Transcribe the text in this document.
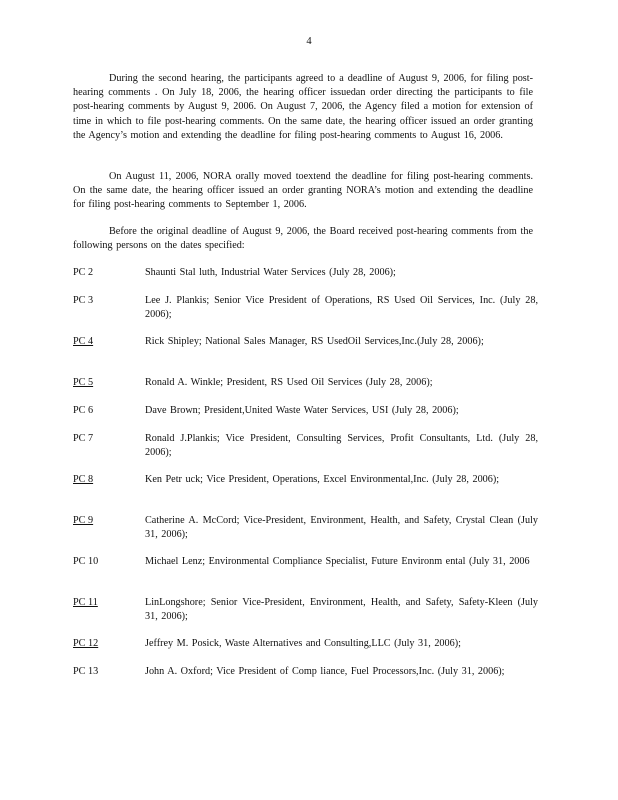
4

During the second hearing, the participants agreed to a deadline of August 9, 2006, for filing post-hearing comments . On July 18, 2006, the hearing officer issuedan order directing the participants to file post-hearing comments by August 9, 2006. On August 7, 2006, the Agency filed a motion for extension of time in which to file post-hearing comments. On the same date, the hearing officer issued an order granting the Agency’s motion and extending the deadline for filing post-hearing comments to August 16, 2006.

On August 11, 2006, NORA orally moved toextend the deadline for filing post-hearing comments. On the same date, the hearing officer issued an order granting NORA’s motion and extending the deadline for filing post-hearing comments to September 1, 2006.

Before the original deadline of August 9, 2006, the Board received post-hearing comments from the following persons on the dates specified:

PC 2	Shaunti Stal luth, Industrial Water Services (July 28, 2006);
PC 3	Lee J. Plankis; Senior Vice President of Operations, RS Used Oil Services, Inc. (July 28, 2006);
PC 4	Rick Shipley; National Sales Manager, RS UsedOil Services,Inc.(July 28, 2006);
PC 5	Ronald A. Winkle; President, RS Used Oil Services (July 28, 2006);
PC 6	Dave Brown; President,United Waste Water Services, USI (July 28, 2006);
PC 7	Ronald J.Plankis; Vice President, Consulting Services, Profit Consultants, Ltd. (July 28, 2006);
PC 8	Ken Petr uck; Vice President, Operations, Excel Environmental,Inc. (July 28, 2006);
PC 9	Catherine A. McCord; Vice-President, Environment, Health, and Safety, Crystal Clean (July 31, 2006);
PC 10	Michael Lenz; Environmental Compliance Specialist, Future Environm ental (July 31, 2006
PC 11	LinLongshore; Senior Vice-President, Environment, Health, and Safety, Safety-Kleen (July 31, 2006);
PC 12	Jeffrey M. Posick, Waste Alternatives and Consulting,LLC (July 31, 2006);
PC 13	John A. Oxford; Vice President of Comp liance, Fuel Processors,Inc. (July 31, 2006);
